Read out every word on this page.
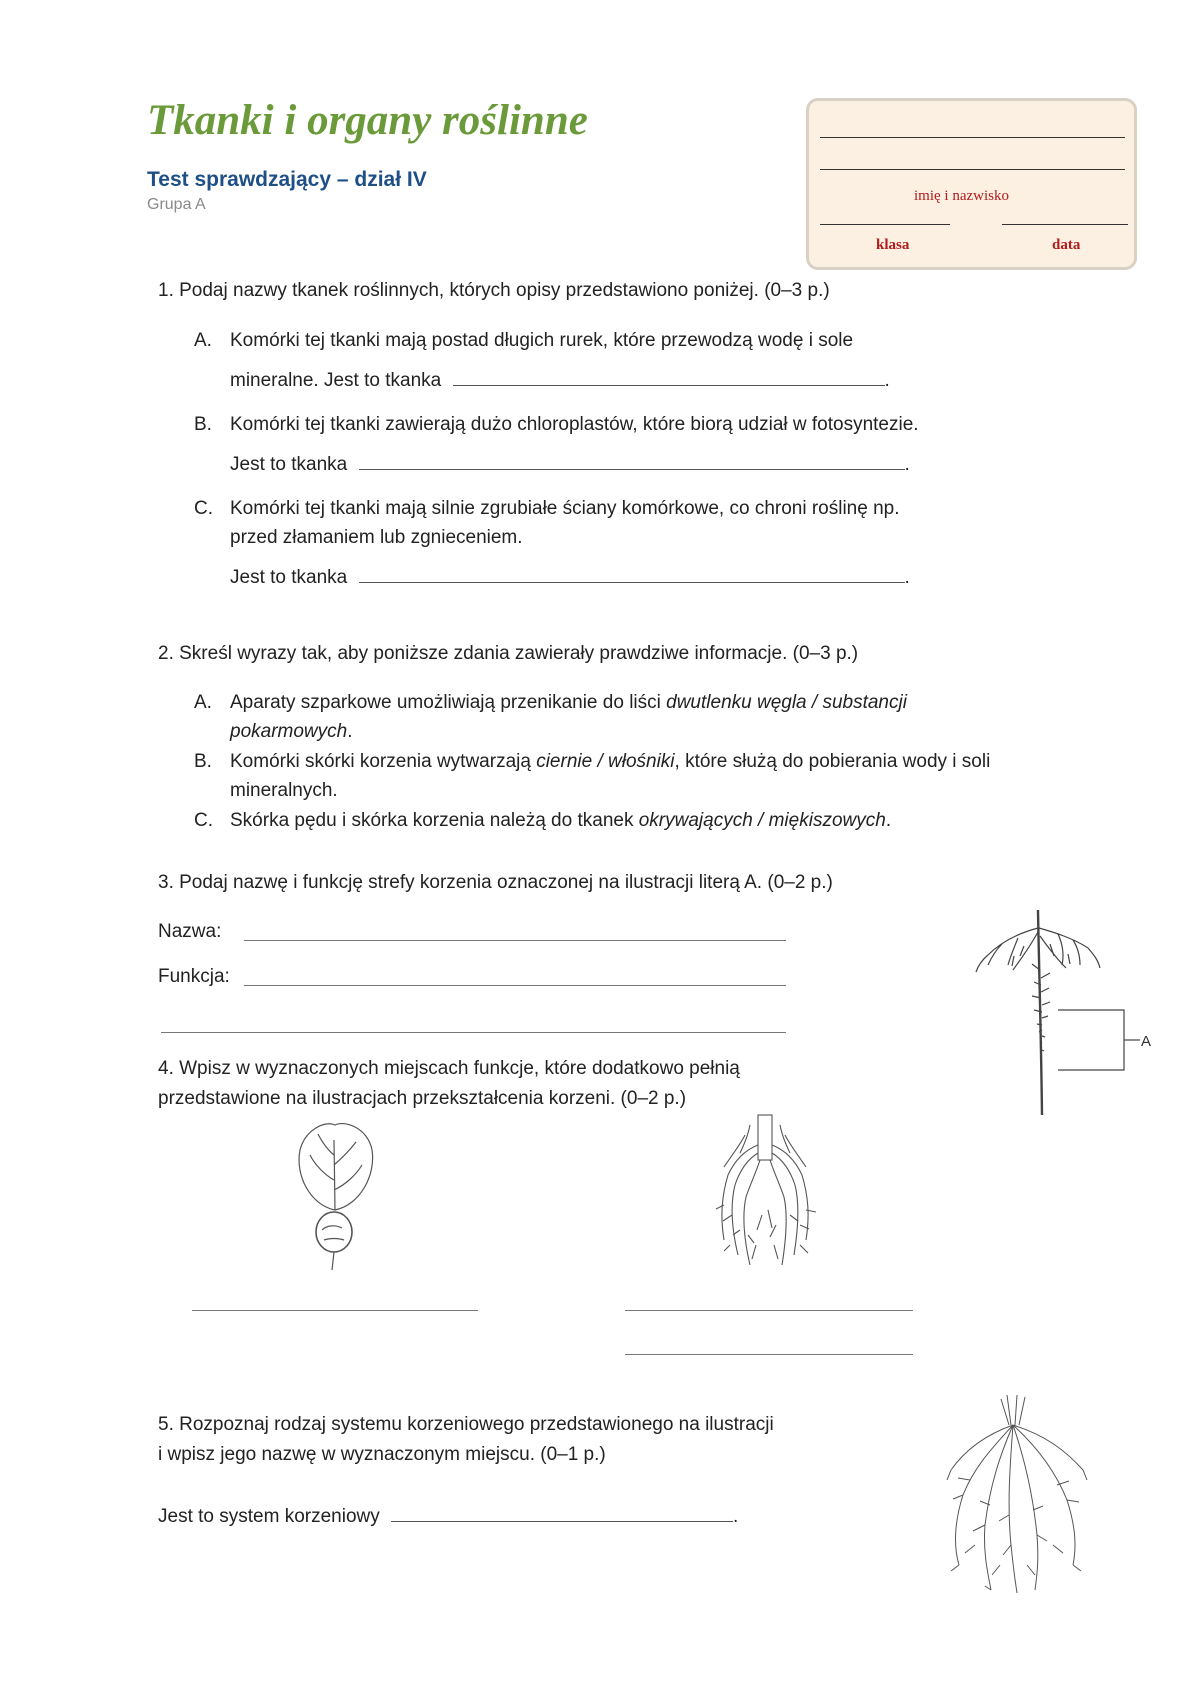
Tkanki i organy roślinne
Test sprawdzający – dział IV
Grupa A	imię i nazwisko
klasa	data
1. Podaj nazwy tkanek roślinnych, których opisy przedstawiono poniżej. (0–3 p.)
A. Komórki tej tkanki mają postad długich rurek, które przewodzą wodę i sole
mineralne. Jest to tkanka	.
B. Komórki tej tkanki zawierają dużo chloroplastów, które biorą udział w fotosyntezie.
Jest to tkanka	.
C. Komórki tej tkanki mają silnie zgrubiałe ściany komórkowe, co chroni roślinę np.
przed złamaniem lub zgnieceniem.
Jest to tkanka	.
2. Skreśl wyrazy tak, aby poniższe zdania zawierały prawdziwe informacje. (0–3 p.)
A. Aparaty szparkowe umożliwiają przenikanie do liści dwutlenku węgla / substancji
pokarmowych.
B. Komórki skórki korzenia wytwarzają ciernie / włośniki, które służą do pobierania wody i soli
mineralnych.
C. Skórka pędu i skórka korzenia należą do tkanek okrywających / miękiszowych.
3. Podaj nazwę i funkcję strefy korzenia oznaczonej na ilustracji literą A. (0–2 p.)
Nazwa:
Funkcja:
A
4. Wpisz w wyznaczonych miejscach funkcje, które dodatkowo pełnią
przedstawione na ilustracjach przekształcenia korzeni. (0–2 p.)
5. Rozpoznaj rodzaj systemu korzeniowego przedstawionego na ilustracji
i wpisz jego nazwę w wyznaczonym miejscu. (0–1 p.)
Jest to system korzeniowy	.
